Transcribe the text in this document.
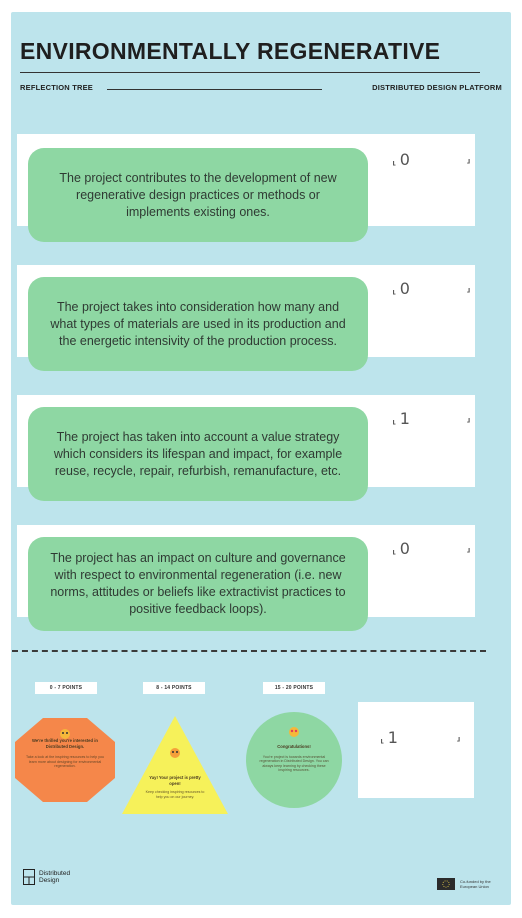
ENVIRONMENTALLY REGENERATIVE
REFLECTION TREE	DISTRIBUTED DESIGN PLATFORM
The project contributes to the development of new regenerative design practices or methods or implements existing ones.
⸤ 0	⸥
The project takes into consideration how many and what types of materials are used in its production and the energetic intensivity of the production process.
⸤ 0	⸥
The project has taken into account a value strategy which considers its lifespan and impact, for example reuse, recycle, repair, refurbish, remanufacture, etc.
⸤ 1	⸥
The project has an impact on culture and governance with respect to environmental regeneration (i.e. new norms, attitudes or beliefs like extractivist practices to positive feedback loops).
⸤ 0	⸥
0 - 7 POINTS	8 - 14 POINTS	15 - 20 POINTS
We're thrilled you're interested in Distributed Design.
Take a look at the inspiring resources to help you learn more about designing for environmental regeneration.
Yay! Your project is pretty open!
Keep checking inspiring resources to help you on our journey.
Congratulations!
You're project is towards environmental regeneration in Distributed Design. You can always keep learning by checking these inspiring resources.
⸤ 1	⸥
Distributed
Design	Co-funded by the
European Union
